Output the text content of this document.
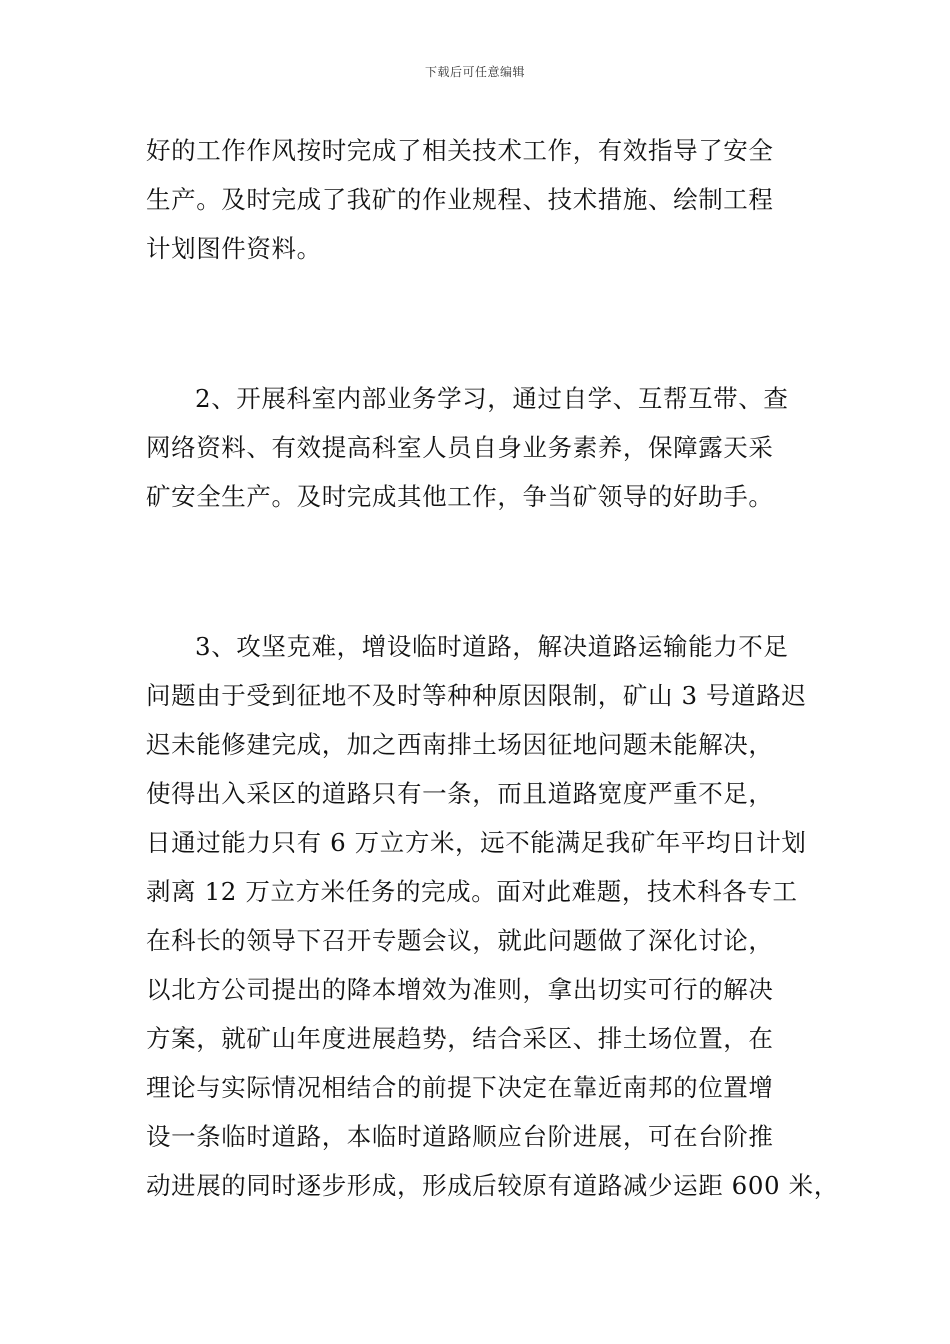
下载后可任意编辑
好的工作作风按时完成了相关技术工作，有效指导了安全
生产。及时完成了我矿的作业规程、技术措施、绘制工程
计划图件资料。
2、开展科室内部业务学习，通过自学、互帮互带、查
网络资料、有效提高科室人员自身业务素养，保障露天采
矿安全生产。及时完成其他工作，争当矿领导的好助手。
3、攻坚克难，增设临时道路，解决道路运输能力不足
问题由于受到征地不及时等种种原因限制，矿山 3 号道路迟
迟未能修建完成，加之西南排土场因征地问题未能解决，
使得出入采区的道路只有一条，而且道路宽度严重不足，
日通过能力只有 6 万立方米，远不能满足我矿年平均日计划
剥离 12 万立方米任务的完成。面对此难题，技术科各专工
在科长的领导下召开专题会议，就此问题做了深化讨论，
以北方公司提出的降本增效为准则，拿出切实可行的解决
方案，就矿山年度进展趋势，结合采区、排土场位置，在
理论与实际情况相结合的前提下决定在靠近南邦的位置增
设一条临时道路，本临时道路顺应台阶进展，可在台阶推
动进展的同时逐步形成，形成后较原有道路减少运距 600 米，
